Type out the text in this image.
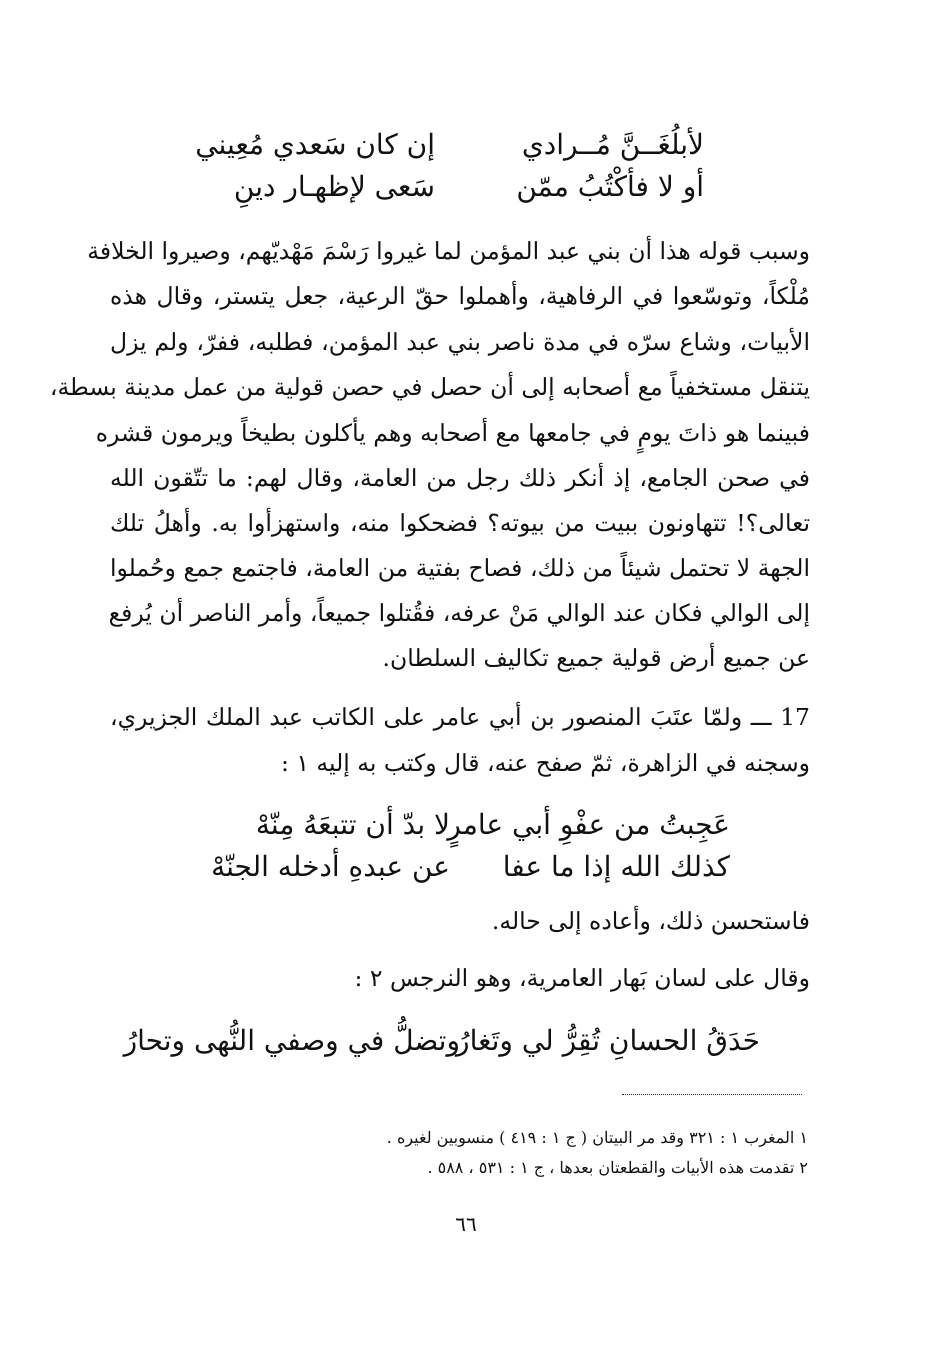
لأبلُغَــنَّ مُــرادي
إن كان سَعدي مُعِيني
أو لا فأكْتُبُ ممّن
سَعى لإظهـار دينِ
وسبب قوله هذا أن بني عبد المؤمن لما غيروا رَسْمَ مَهْديّهم، وصيروا الخلافة
مُلْكاً، وتوسّعوا في الرفاهية، وأهملوا حقّ الرعية، جعل يتستر، وقال هذه
الأبيات، وشاع سرّه في مدة ناصر بني عبد المؤمن، فطلبه، ففرّ، ولم يزل
يتنقل مستخفياً مع أصحابه إلى أن حصل في حصن قولية من عمل مدينة بسطة،
فبينما هو ذاتَ يومٍ في جامعها مع أصحابه وهم يأكلون بطيخاً ويرمون قشره
في صحن الجامع، إذ أنكر ذلك رجل من العامة، وقال لهم: ما تتّقون الله
تعالى؟! تتهاونون ببيت من بيوته؟ فضحكوا منه، واستهزأوا به. وأهلُ تلك
الجهة لا تحتمل شيئاً من ذلك، فصاح بفتية من العامة، فاجتمع جمع وحُملوا
إلى الوالي فكان عند الوالي مَنْ عرفه، فقُتلوا جميعاً، وأمر الناصر أن يُرفع
عن جميع أرض قولية جميع تكاليف السلطان.
17 ـــ ولمّا عتَبَ المنصور بن أبي عامر على الكاتب عبد الملك الجزيري،
وسجنه في الزاهرة، ثمّ صفح عنه، قال وكتب به إليه ١ :
عَجِبتُ من عفْوِ أبي عامرٍ
لا بدّ أن تتبعَهُ مِنّهْ
كذلك الله إذا ما عفا
عن عبدهِ أدخله الجنّهْ
فاستحسن ذلك، وأعاده إلى حاله.
وقال على لسان بَهار العامرية، وهو النرجس ٢ :
حَدَقُ الحسانِ تُقِرُّ لي وتَغارُ
وتضلُّ في وصفي النُّهى وتحارُ
١ المغرب ١ : ٣٢١ وقد مر البيتان ( ج ١ : ٤١٩ ) منسوبين لغيره .
٢ تقدمت هذه الأبيات والقطعتان بعدها ، ج ١ : ٥٣١ ، ٥٨٨ .
٦٦
